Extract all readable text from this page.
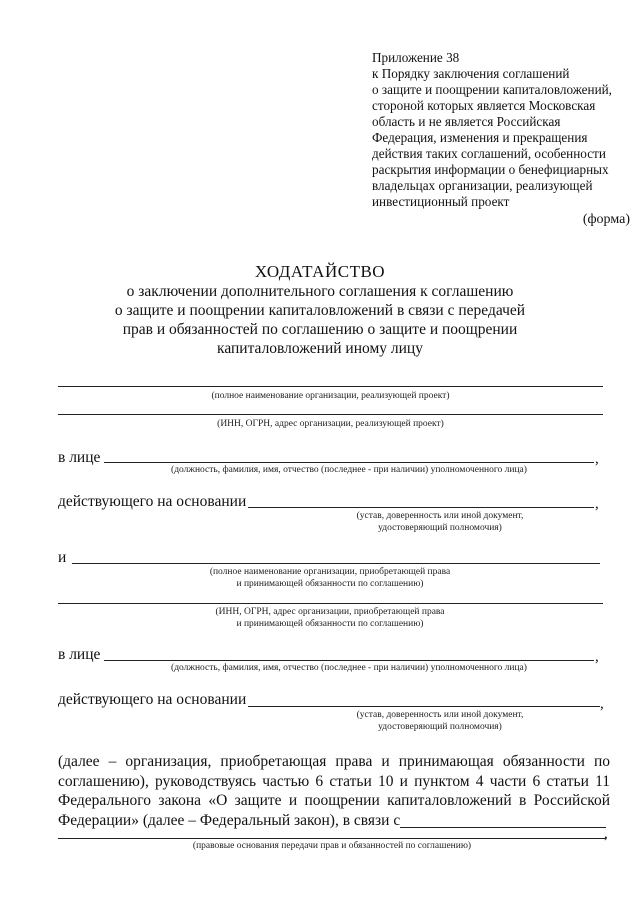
Приложение 38
к Порядку заключения соглашений
о защите и поощрении капиталовложений,
стороной которых является Московская
область и не является Российская
Федерация, изменения и прекращения
действия таких соглашений, особенности
раскрытия информации о бенефициарных
владельцах организации, реализующей
инвестиционный проект
(форма)
ХОДАТАЙСТВО
о заключении дополнительного соглашения к соглашению
о защите и поощрении капиталовложений в связи с передачей
прав и обязанностей по соглашению о защите и поощрении
капиталовложений иному лицу
(полное наименование организации, реализующей проект)
(ИНН, ОГРН, адрес организации, реализующей проект)
в лице	,
(должность, фамилия, имя, отчество (последнее - при наличии) уполномоченного лица)
действующего на основании	,
(устав, доверенность или иной документ,
удостоверяющий полномочия)
и
(полное наименование организации, приобретающей права
и принимающей обязанности по соглашению)
(ИНН, ОГРН, адрес организации, приобретающей права
и принимающей обязанности по соглашению)
в лице	,
(должность, фамилия, имя, отчество (последнее - при наличии) уполномоченного лица)
действующего на основании	,
(устав, доверенность или иной документ,
удостоверяющий полномочия)
(далее – организация, приобретающая права и принимающая обязанности по соглашению), руководствуясь частью 6 статьи 10 и пунктом 4 части 6 статьи 11 Федерального закона «О защите и поощрении капиталовложений в Российской Федерации» (далее – Федеральный закон), в связи с
,
(правовые основания передачи прав и обязанностей по соглашению)
